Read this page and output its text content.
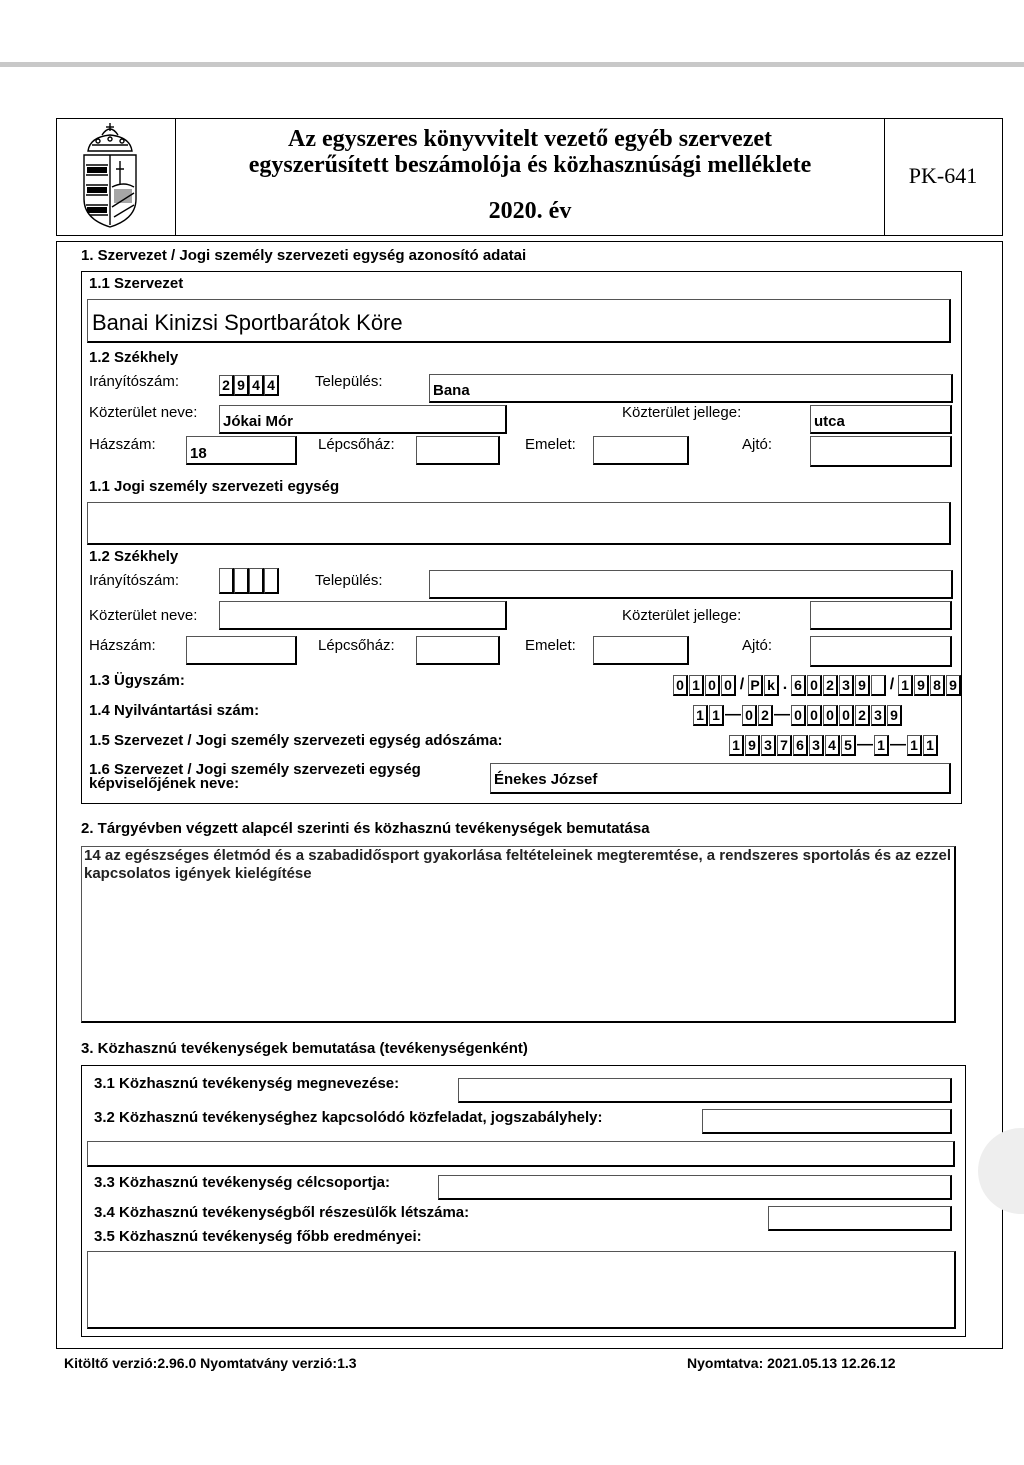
Az egyszeres könyvvitelt vezető egyéb szervezet
egyszerűsített beszámolója és közhasznúsági melléklete
2020. év
PK-641
1. Szervezet / Jogi személy szervezeti egység azonosító adatai
1.1 Szervezet
Banai Kinizsi Sportbarátok Köre
1.2 Székhely
Irányítószám:	2 9 4 4	Település:
Bana
Közterület neve:
Jókai Mór
Közterület jellege:
utca
Házszám:
18
Lépcsőház:	Emelet:	Ajtó:
1.1 Jogi személy szervezeti egység
1.2 Székhely
Irányítószám:	Település:
Közterület neve:	Közterület jellege:
Házszám:	Lépcsőház:	Emelet:	Ajtó:
1.3 Ügyszám:	0 1 0 0 / P k . 6 0 2 3 9 / 1 9 8 9
1.4 Nyilvántartási szám:	1 1 — 0 2 — 0 0 0 0 2 3 9
1.5 Szervezet / Jogi személy szervezeti egység adószáma:	1 9 3 7 6 3 4 5 — 1 — 1 1
1.6 Szervezet / Jogi személy szervezeti egység
képviselőjének neve:	Énekes József
2. Tárgyévben végzett alapcél szerinti és közhasznú tevékenységek bemutatása
14 az egészséges életmód és a szabadidősport gyakorlása feltételeinek megteremtése, a rendszeres sportolás és az ezzel kapcsolatos igények kielégítése
3. Közhasznú tevékenységek bemutatása (tevékenységenként)
3.1 Közhasznú tevékenység megnevezése:
3.2 Közhasznú tevékenységhez kapcsolódó közfeladat, jogszabályhely:
3.3 Közhasznú tevékenység célcsoportja:
3.4 Közhasznú tevékenységből részesülők létszáma:
3.5 Közhasznú tevékenység főbb eredményei:
Kitöltő verzió:2.96.0 Nyomtatvány verzió:1.3	Nyomtatva: 2021.05.13 12.26.12
